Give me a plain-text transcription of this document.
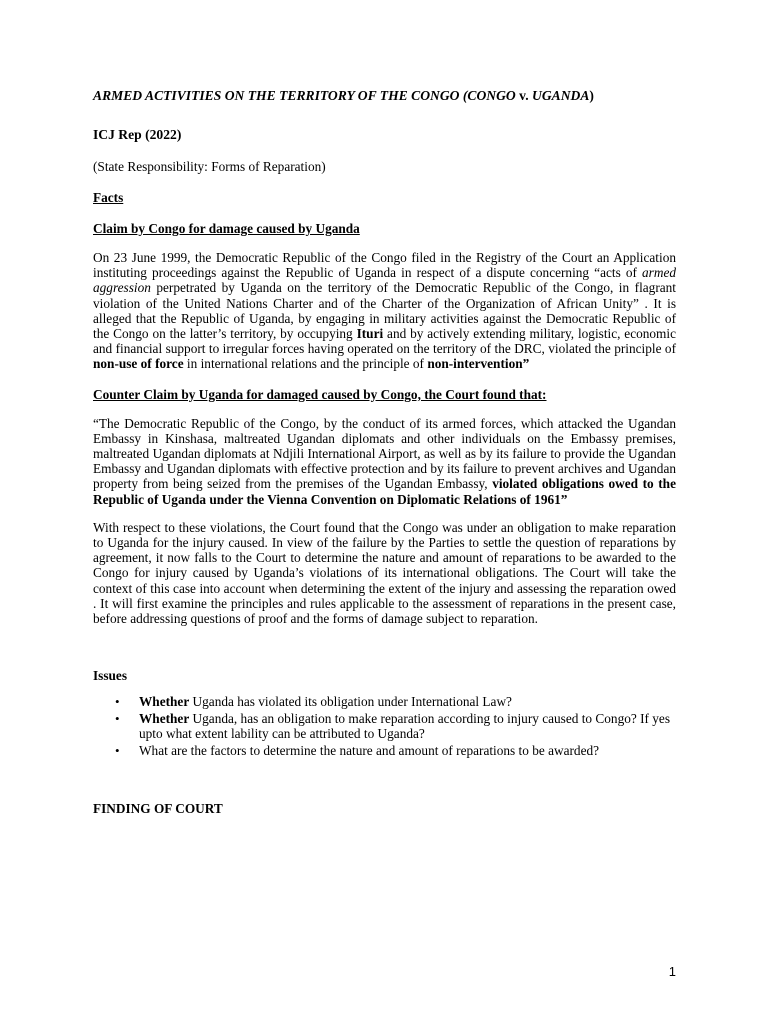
ARMED ACTIVITIES ON THE TERRITORY OF THE CONGO (CONGO v. UGANDA)
ICJ Rep (2022)
(State Responsibility: Forms of Reparation)
Facts
Claim by Congo for damage caused by Uganda

On 23 June 1999, the Democratic Republic of the Congo filed in the Registry of the Court an Application instituting proceedings against the Republic of Uganda in respect of a dispute concerning “acts of armed aggression perpetrated by Uganda on the territory of the Democratic Republic of the Congo, in flagrant violation of the United Nations Charter and of the Charter of the Organization of African Unity” . It is alleged that the Republic of Uganda, by engaging in military activities against the Democratic Republic of the Congo on the latter’s territory, by occupying Ituri and by actively extending military, logistic, economic and financial support to irregular forces having operated on the territory of the DRC, violated the principle of non-use of force in international relations and the principle of non-intervention”

Counter Claim by Uganda for damaged caused by Congo, the Court found that:

“The Democratic Republic of the Congo, by the conduct of its armed forces, which attacked the Ugandan Embassy in Kinshasa, maltreated Ugandan diplomats and other individuals on the Embassy premises, maltreated Ugandan diplomats at Ndjili International Airport, as well as by its failure to provide the Ugandan Embassy and Ugandan diplomats with effective protection and by its failure to prevent archives and Ugandan property from being seized from the premises of the Ugandan Embassy, violated obligations owed to the Republic of Uganda under the Vienna Convention on Diplomatic Relations of 1961”

With respect to these violations, the Court found that the Congo was under an obligation to make reparation to Uganda for the injury caused. In view of the failure by the Parties to settle the question of reparations by agreement, it now falls to the Court to determine the nature and amount of reparations to be awarded to the Congo for injury caused by Uganda’s violations of its international obligations. The Court will take the context of this case into account when determining the extent of the injury and assessing the reparation owed . It will first examine the principles and rules applicable to the assessment of reparations in the present case, before addressing questions of proof and the forms of damage subject to reparation.

Issues
• Whether Uganda has violated its obligation under International Law?
• Whether Uganda, has an obligation to make reparation according to injury caused to Congo? If yes upto what extent lability can be attributed to Uganda?
• What are the factors to determine the nature and amount of reparations to be awarded?
FINDING OF COURT
1
